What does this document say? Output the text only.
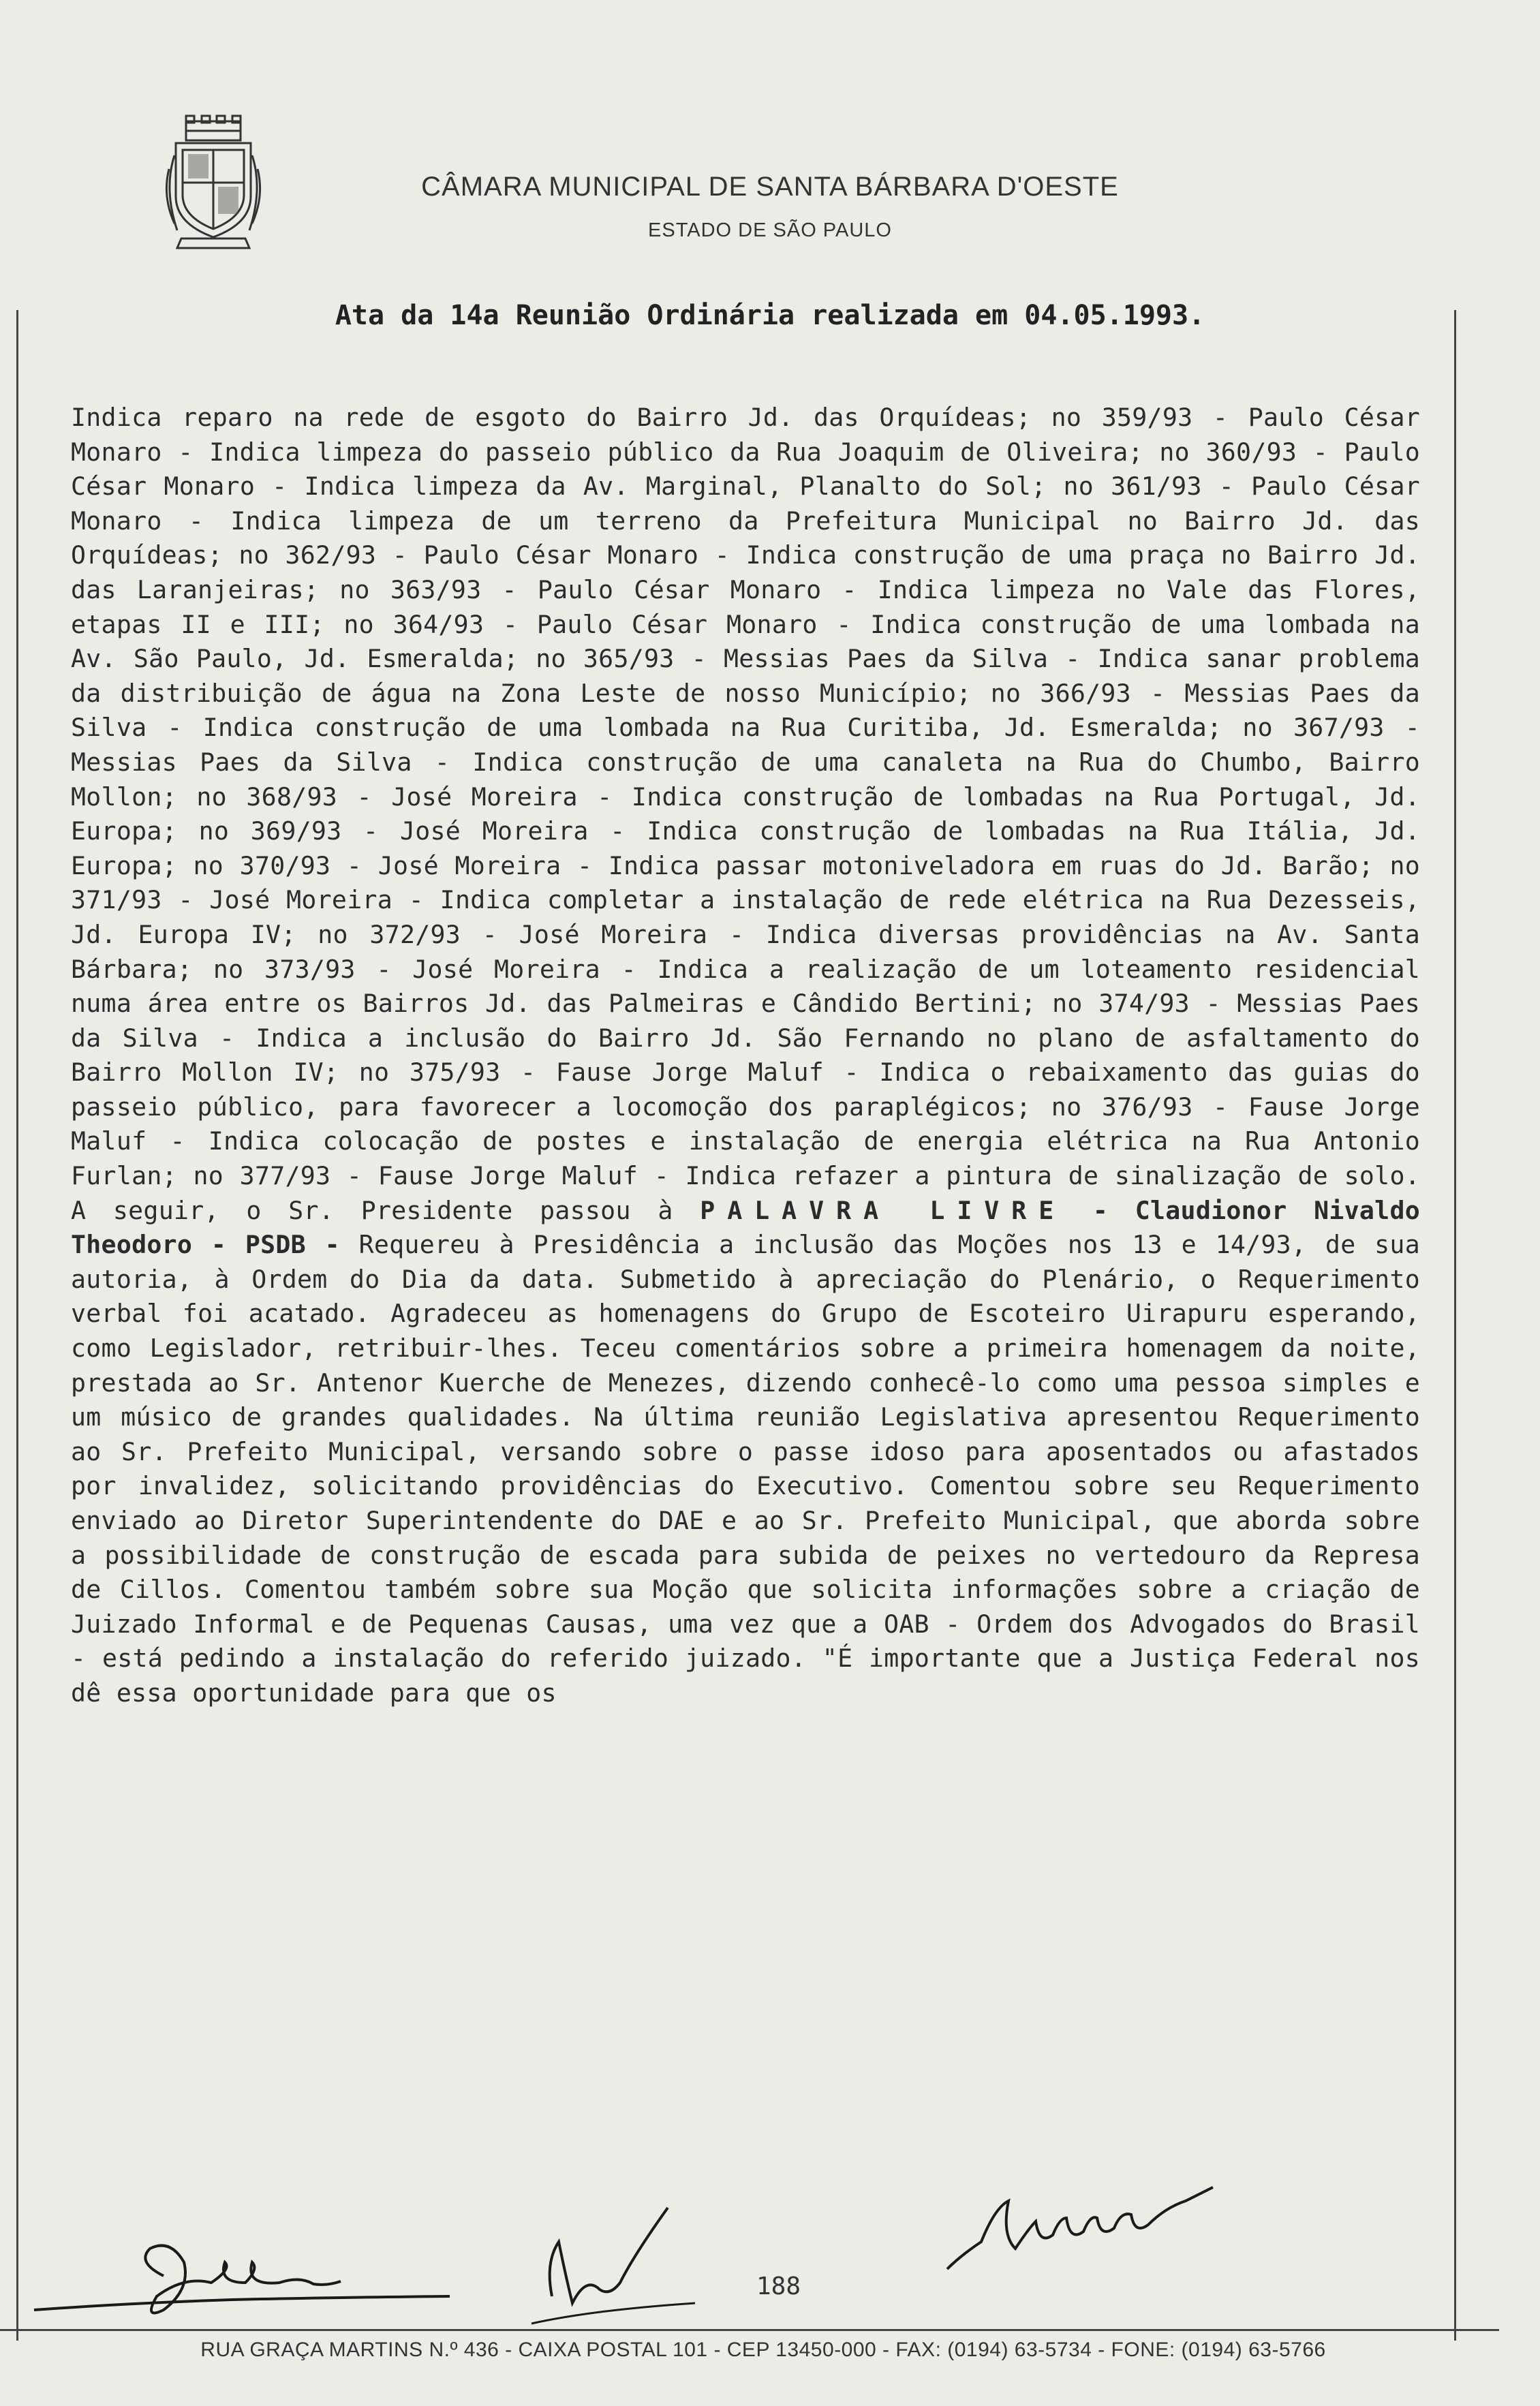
CÂMARA MUNICIPAL DE SANTA BÁRBARA D'OESTE
ESTADO DE SÃO PAULO
Ata da 14a Reunião Ordinária realizada em 04.05.1993.
Indica reparo na rede de esgoto do Bairro Jd. das Orquídeas; no 359/93 - Paulo César Monaro - Indica limpeza do passeio público da Rua Joaquim de Oliveira; no 360/93 - Paulo César Monaro - Indica limpeza da Av. Marginal, Planalto do Sol; no 361/93 - Paulo César Monaro - Indica limpeza de um terreno da Prefeitura Municipal no Bairro Jd. das Orquídeas; no 362/93 - Paulo César Monaro - Indica construção de uma praça no Bairro Jd. das Laranjeiras; no 363/93 - Paulo César Monaro - Indica limpeza no Vale das Flores, etapas II e III; no 364/93 - Paulo César Monaro - Indica construção de uma lombada na Av. São Paulo, Jd. Esmeralda; no 365/93 - Messias Paes da Silva - Indica sanar problema da distribuição de água na Zona Leste de nosso Município; no 366/93 - Messias Paes da Silva - Indica construção de uma lombada na Rua Curitiba, Jd. Esmeralda; no 367/93 - Messias Paes da Silva - Indica construção de uma canaleta na Rua do Chumbo, Bairro Mollon; no 368/93 - José Moreira - Indica construção de lombadas na Rua Portugal, Jd. Europa; no 369/93 - José Moreira - Indica construção de lombadas na Rua Itália, Jd. Europa; no 370/93 - José Moreira - Indica passar motoniveladora em ruas do Jd. Barão; no 371/93 - José Moreira - Indica completar a instalação de rede elétrica na Rua Dezesseis, Jd. Europa IV; no 372/93 - José Moreira - Indica diversas providências na Av. Santa Bárbara; no 373/93 - José Moreira - Indica a realização de um loteamento residencial numa área entre os Bairros Jd. das Palmeiras e Cândido Bertini; no 374/93 - Messias Paes da Silva - Indica a inclusão do Bairro Jd. São Fernando no plano de asfaltamento do Bairro Mollon IV; no 375/93 - Fause Jorge Maluf - Indica o rebaixamento das guias do passeio público, para favorecer a locomoção dos paraplégicos; no 376/93 - Fause Jorge Maluf - Indica colocação de postes e instalação de energia elétrica na Rua Antonio Furlan; no 377/93 - Fause Jorge Maluf - Indica refazer a pintura de sinalização de solo. A seguir, o Sr. Presidente passou à PALAVRA LIVRE - Claudionor Nivaldo Theodoro - PSDB - Requereu à Presidência a inclusão das Moções nos 13 e 14/93, de sua autoria, à Ordem do Dia da data. Submetido à apreciação do Plenário, o Requerimento verbal foi acatado. Agradeceu as homenagens do Grupo de Escoteiro Uirapuru esperando, como Legislador, retribuir-lhes. Teceu comentários sobre a primeira homenagem da noite, prestada ao Sr. Antenor Kuerche de Menezes, dizendo conhecê-lo como uma pessoa simples e um músico de grandes qualidades. Na última reunião Legislativa apresentou Requerimento ao Sr. Prefeito Municipal, versando sobre o passe idoso para aposentados ou afastados por invalidez, solicitando providências do Executivo. Comentou sobre seu Requerimento enviado ao Diretor Superintendente do DAE e ao Sr. Prefeito Municipal, que aborda sobre a possibilidade de construção de escada para subida de peixes no vertedouro da Represa de Cillos. Comentou também sobre sua Moção que solicita informações sobre a criação de Juizado Informal e de Pequenas Causas, uma vez que a OAB - Ordem dos Advogados do Brasil - está pedindo a instalação do referido juizado. "É importante que a Justiça Federal nos dê essa oportunidade para que os
188
RUA GRAÇA MARTINS N.º 436 - CAIXA POSTAL 101 - CEP 13450-000 - FAX: (0194) 63-5734 - FONE: (0194) 63-5766
